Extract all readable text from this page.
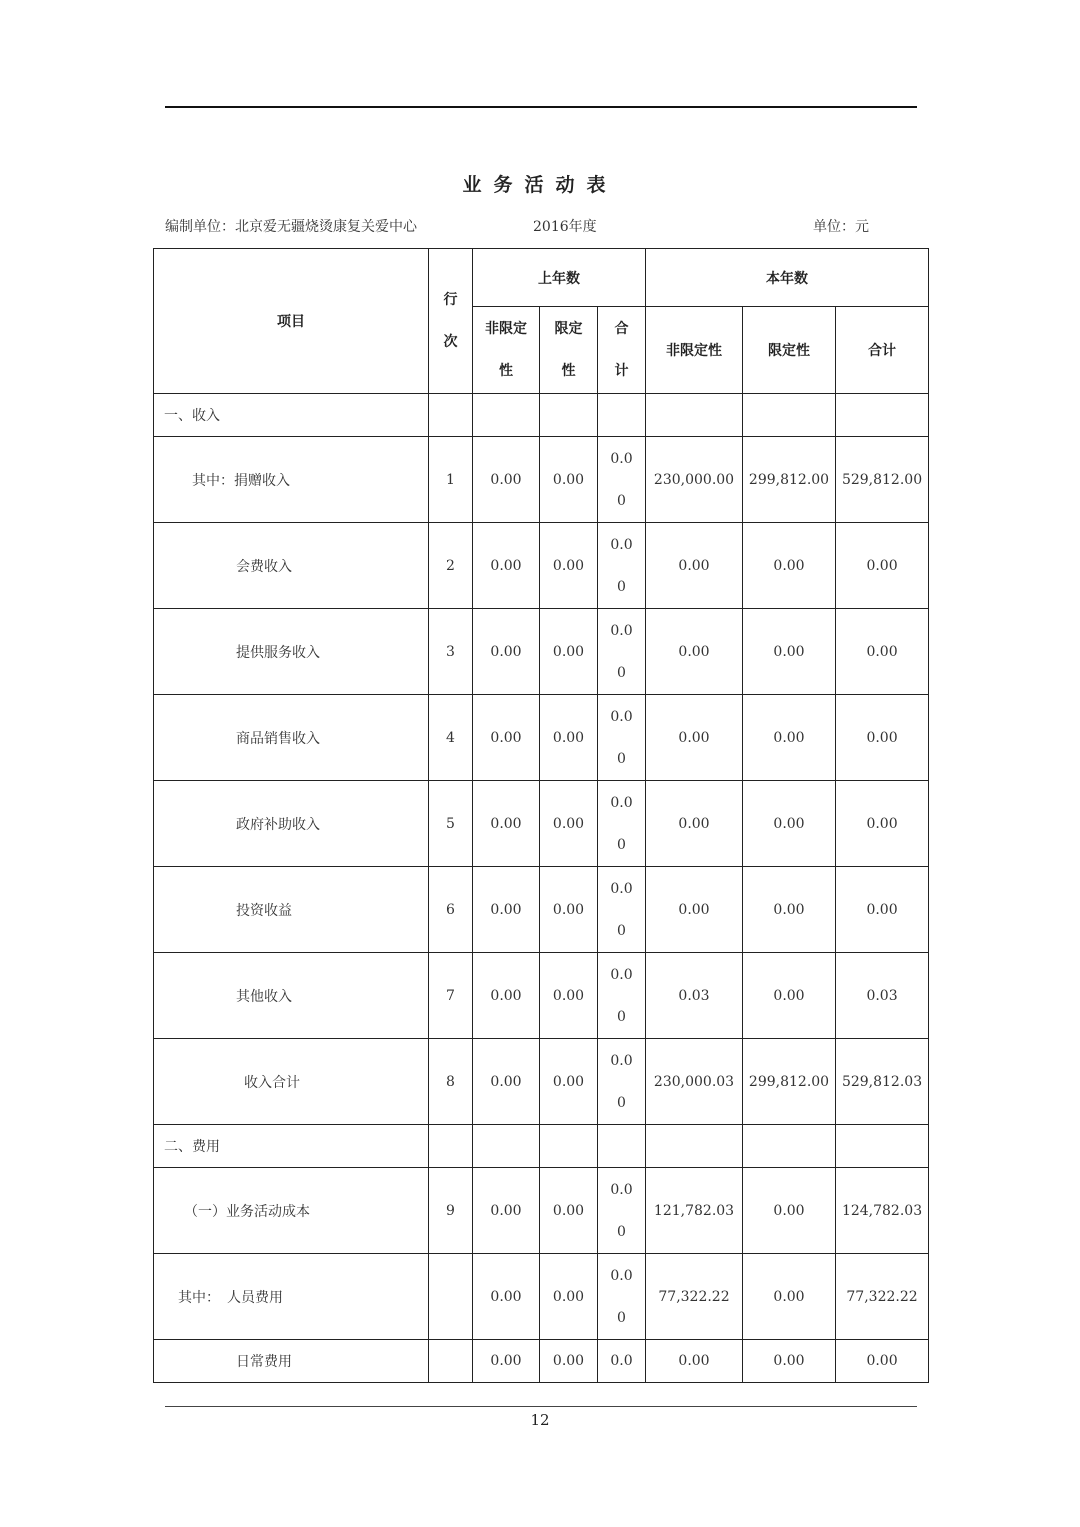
业务活动表
编制单位：北京爱无疆烧烫康复关爱中心	2016年度	单位：元
项目	行次	上年数			本年数		
		非限定性	限定性	合计	非限定性	限定性	合计
一、收入							
其中：捐赠收入	1	0.00	0.00	0.00	230,000.00	299,812.00	529,812.00
会费收入	2	0.00	0.00	0.00	0.00	0.00	0.00
提供服务收入	3	0.00	0.00	0.00	0.00	0.00	0.00
商品销售收入	4	0.00	0.00	0.00	0.00	0.00	0.00
政府补助收入	5	0.00	0.00	0.00	0.00	0.00	0.00
投资收益	6	0.00	0.00	0.00	0.00	0.00	0.00
其他收入	7	0.00	0.00	0.00	0.03	0.00	0.03
收入合计	8	0.00	0.00	0.00	230,000.03	299,812.00	529,812.03
二、费用							
（一）业务活动成本	9	0.00	0.00	0.00	121,782.03	0.00	124,782.03
其中：　人员费用		0.00	0.00	0.00	77,322.22	0.00	77,322.22
日常费用		0.00	0.00	0.0	0.00	0.00	0.00
12
